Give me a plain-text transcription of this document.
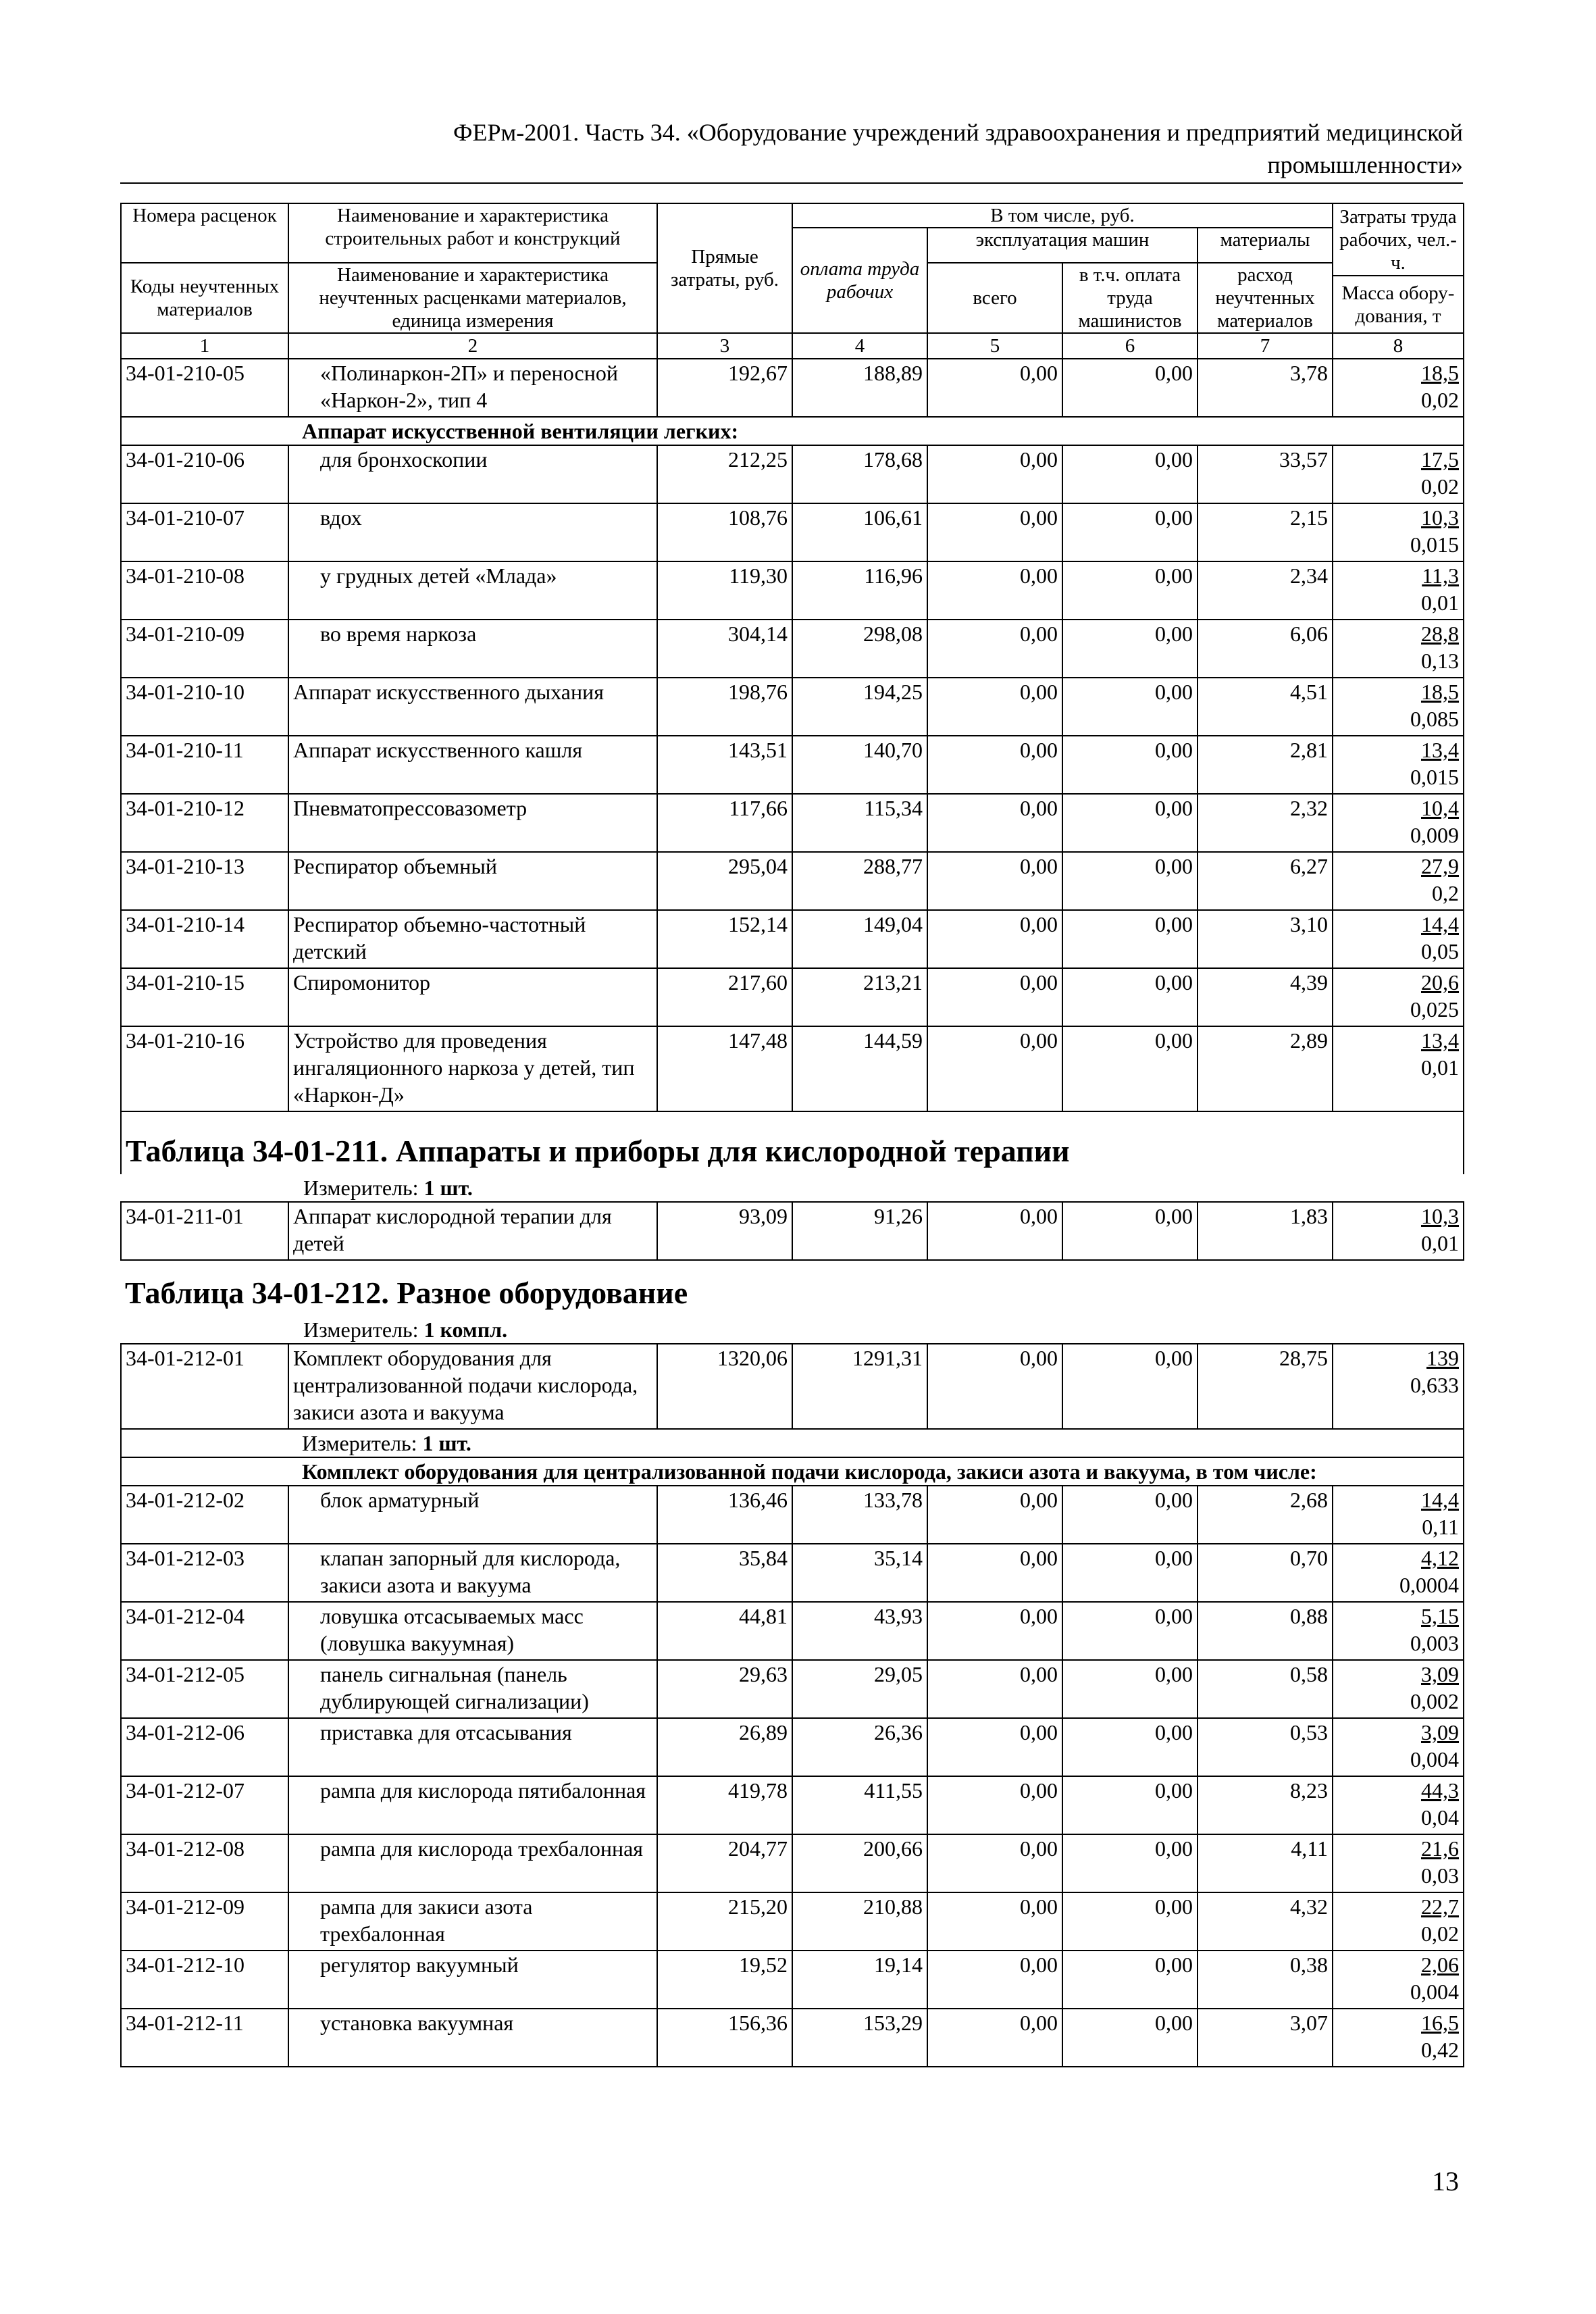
ФЕРм-2001. Часть 34. «Оборудование учреждений здравоохранения и предприятий медицинской
промышленности»
Номера расценок	Наименование и характеристика строительных работ и конструкций	Прямые затраты, руб.	В том числе, руб.				Затраты труда рабочих, чел.-ч.
			оплата труда рабочих	эксплуатация машин		материалы	
Коды неучтенных материалов	Наименование и характеристика неучтенных расценками материалов, единица измерения			всего	в т.ч. оплата труда машинистов	расход неучтенных материалов	
							Масса обору-дования, т
1	2	3	4	5	6	7	8
34-01-210-05	«Полинаркон-2П» и переносной «Наркон-2», тип 4	192,67	188,89	0,00	0,00	3,78	18,5
0,02

	Аппарат искусственной вентиляции легких:						
34-01-210-06	для бронхоскопии	212,25	178,68	0,00	0,00	33,57	17,5
0,02

34-01-210-07	вдох	108,76	106,61	0,00	0,00	2,15	10,3
0,015

34-01-210-08	у грудных детей «Млада»	119,30	116,96	0,00	0,00	2,34	11,3
0,01

34-01-210-09	во время наркоза	304,14	298,08	0,00	0,00	6,06	28,8
0,13

34-01-210-10	Аппарат искусственного дыхания	198,76	194,25	0,00	0,00	4,51	18,5
0,085

34-01-210-11	Аппарат искусственного кашля	143,51	140,70	0,00	0,00	2,81	13,4
0,015

34-01-210-12	Пневматопрессовазометр	117,66	115,34	0,00	0,00	2,32	10,4
0,009

34-01-210-13	Респиратор объемный	295,04	288,77	0,00	0,00	6,27	27,9
0,2

34-01-210-14	Респиратор объемно-частотный детский	152,14	149,04	0,00	0,00	3,10	14,4
0,05

34-01-210-15	Спиромонитор	217,60	213,21	0,00	0,00	4,39	20,6
0,025

34-01-210-16	Устройство для проведения ингаляционного наркоза у детей, тип «Наркон-Д»	147,48	144,59	0,00	0,00	2,89	13,4
0,01

Таблица 34-01-211. Аппараты и приборы для кислородной терапии							

Измеритель: 1 шт.							
34-01-211-01	Аппарат кислородной терапии для детей	93,09	91,26	0,00	0,00	1,83	10,3
0,01

Таблица 34-01-212. Разное оборудование							

Измеритель: 1 компл.							
34-01-212-01	Комплект оборудования для централизованной подачи кислорода, закиси азота и вакуума	1320,06	1291,31	0,00	0,00	28,75	139
0,633

	Измеритель: 1 шт.						
	Комплект оборудования для централизованной подачи кислорода, закиси азота и вакуума, в том числе:						
34-01-212-02	блок арматурный	136,46	133,78	0,00	0,00	2,68	14,4
0,11

34-01-212-03	клапан запорный для кислорода, закиси азота и вакуума	35,84	35,14	0,00	0,00	0,70	4,12
0,0004

34-01-212-04	ловушка отсасываемых масс (ловушка вакуумная)	44,81	43,93	0,00	0,00	0,88	5,15
0,003

34-01-212-05	панель сигнальная (панель дублирующей сигнализации)	29,63	29,05	0,00	0,00	0,58	3,09
0,002

34-01-212-06	приставка для отсасывания	26,89	26,36	0,00	0,00	0,53	3,09
0,004

34-01-212-07	рампа для кислорода пятибалонная	419,78	411,55	0,00	0,00	8,23	44,3
0,04

34-01-212-08	рампа для кислорода трехбалонная	204,77	200,66	0,00	0,00	4,11	21,6
0,03

34-01-212-09	рампа для закиси азота трехбалонная	215,20	210,88	0,00	0,00	4,32	22,7
0,02

34-01-212-10	регулятор вакуумный	19,52	19,14	0,00	0,00	0,38	2,06
0,004

34-01-212-11	установка вакуумная	156,36	153,29	0,00	0,00	3,07	16,5
0,42

13
